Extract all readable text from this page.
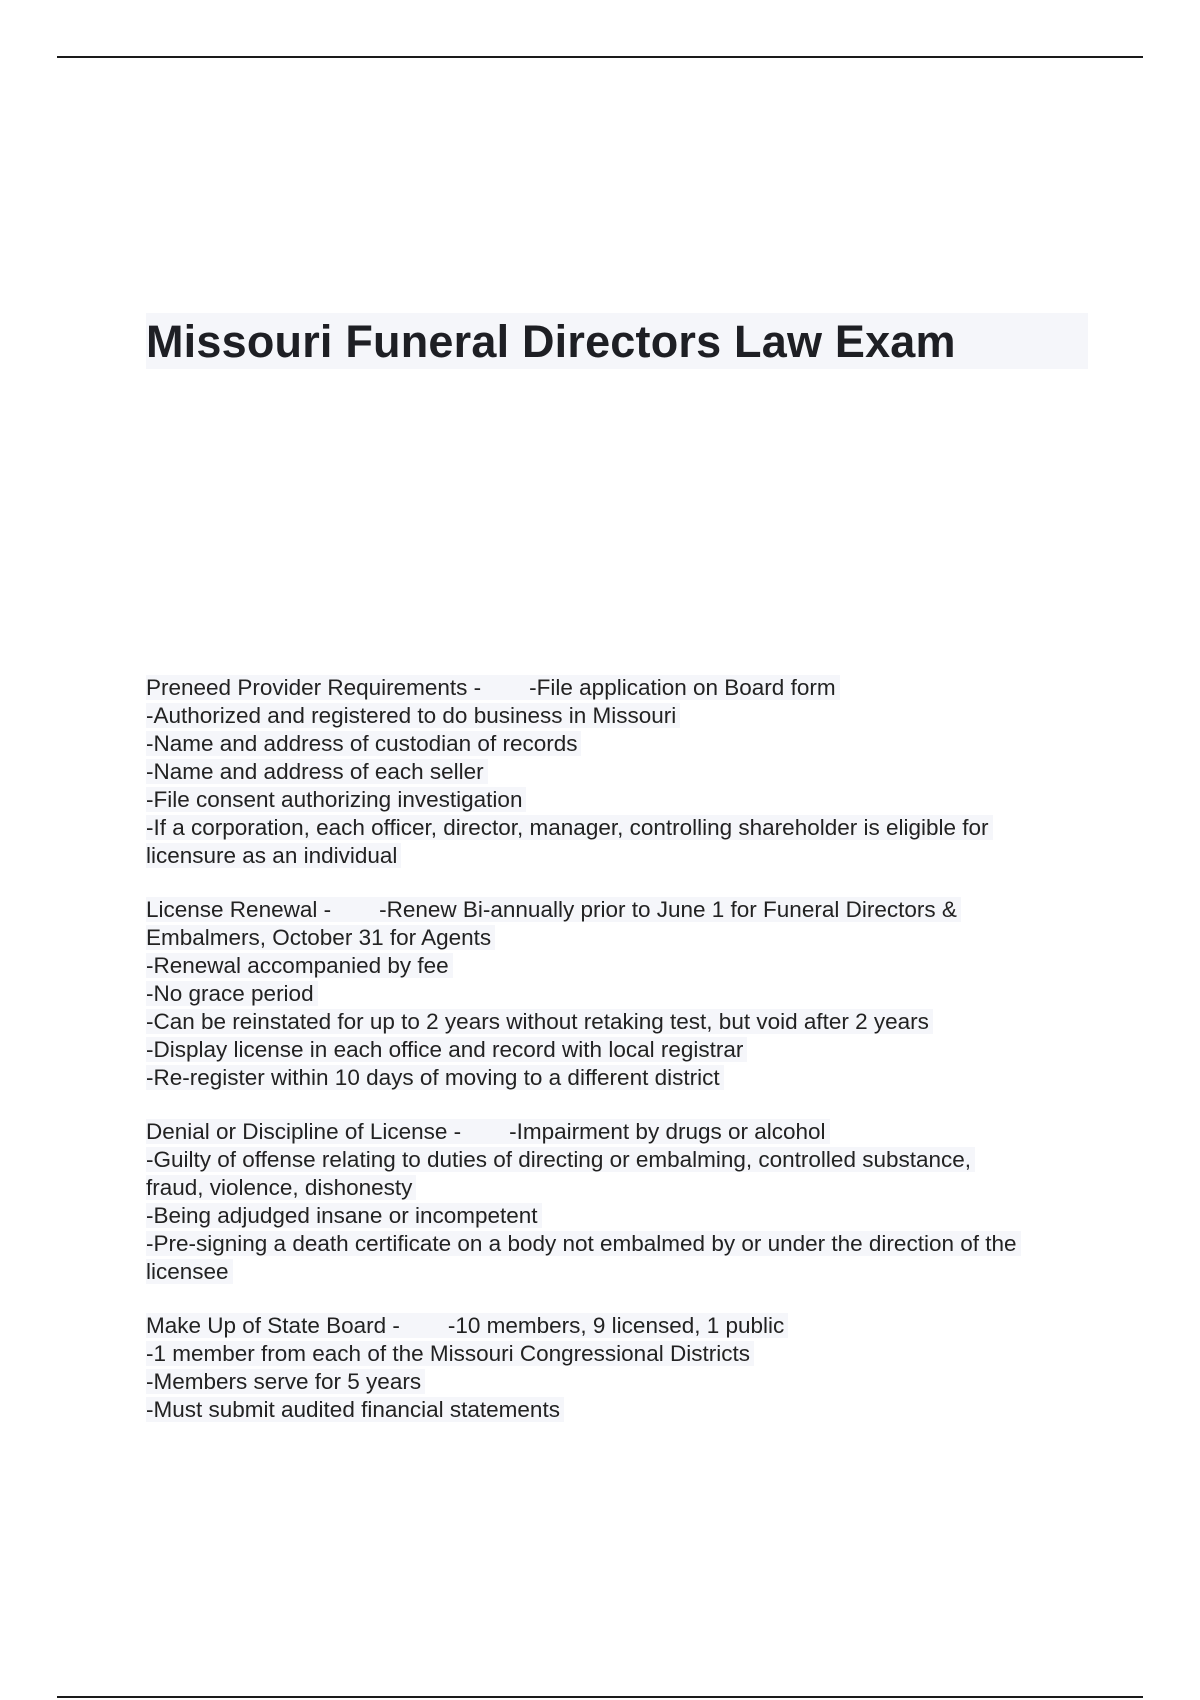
Missouri Funeral Directors Law Exam
Preneed Provider Requirements - -File application on Board form
-Authorized and registered to do business in Missouri
-Name and address of custodian of records
-Name and address of each seller
-File consent authorizing investigation
-If a corporation, each officer, director, manager, controlling shareholder is eligible for
licensure as an individual
License Renewal - -Renew Bi-annually prior to June 1 for Funeral Directors &
Embalmers, October 31 for Agents
-Renewal accompanied by fee
-No grace period
-Can be reinstated for up to 2 years without retaking test, but void after 2 years
-Display license in each office and record with local registrar
-Re-register within 10 days of moving to a different district
Denial or Discipline of License - -Impairment by drugs or alcohol
-Guilty of offense relating to duties of directing or embalming, controlled substance,
fraud, violence, dishonesty
-Being adjudged insane or incompetent
-Pre-signing a death certificate on a body not embalmed by or under the direction of the
licensee
Make Up of State Board - -10 members, 9 licensed, 1 public
-1 member from each of the Missouri Congressional Districts
-Members serve for 5 years
-Must submit audited financial statements
